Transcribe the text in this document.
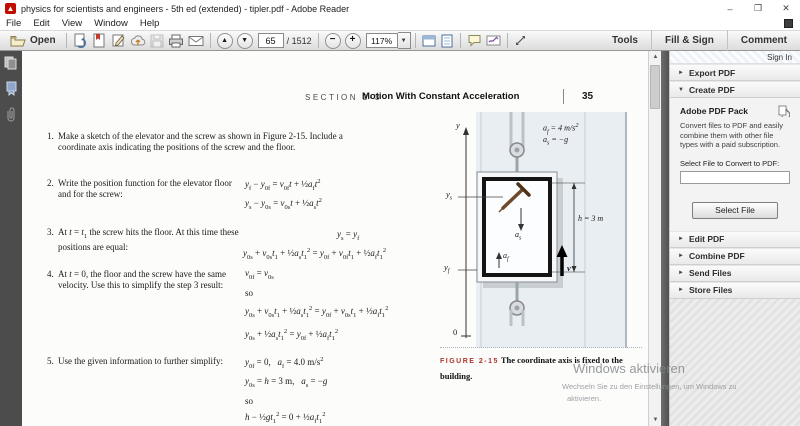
▲ physics for scientists and engineers - 5th ed (extended) - tipler.pdf - Adobe Reader	–	❐	✕
File	Edit	View	Window	Help
Open	▲ ▼
65	/ 1512 − +	117%	▼	Tools	Fill & Sign	Comment
SECTION 2-3
Motion With Constant Acceleration	35
1. Make a sketch of the elevator and the screw as shown in Figure 2-15. Include a coordinate axis indicating the positions of the screw and the floor.
2. Write the position function for the elevator floor and for the screw:
3. At $t = t_1$ the screw hits the floor. At this time these positions are equal:
4. At t = 0, the floor and the screw have the same velocity. Use this to simplify the step 3 result:
5. Use the given information to further simplify:
$y_f - y_{0f} = v_{0f}t$ + $\frac{1}{2}a_ft^2$
$y_s - y_{0s} = v_{0s}t$ + $\frac{1}{2}a_st^2$
$y_s = y_f$
$y_{0s} + v_{0s}t_1$ + $\frac{1}{2}a_st_1^2 = y_{0f} + v_{0f}t_1$ + $\frac{1}{2}a_ft_1^2$
$v_{0f} = v_{0s}$
so
$y_{0s} + v_{0s}t_1$ + $\frac{1}{2}a_st_1^2 = y_{0f} + v_{0s}t_1$ + $\frac{1}{2}a_ft_1^2$
$y_{0s}$ + $\frac{1}{2}a_st_1^2 = y_{0f}$ + $\frac{1}{2}a_ft_1^2$
$y_{0f} = 0$,   $a_f = 4.0$ $m/s^2$
$y_{0s} = h = 3$ m,   $a_s = -g$
so
$h - \frac{1}{2}gt_1^2 = 0$ + $\frac{1}{2}a_ft_1^2$
y	$a_f = 4$ $m/s^2$
$a_s = -g$
$y_s$
$y_f$
$a_s$
$a_f$
v
h = 3 m
0
FIGURE 2-15 The coordinate axis is fixed to the building.
▲
▼
Sign In
► Export PDF
▼ Create PDF
Adobe PDF Pack
Convert files to PDF and easily combine them with other file types with a paid subscription.
Select File to Convert to PDF:
Select File
► Edit PDF
► Combine PDF
► Send Files
► Store Files
Windows aktivieren
Wechseln Sie zu den Einstellungen, um Windows zu
aktivieren.
